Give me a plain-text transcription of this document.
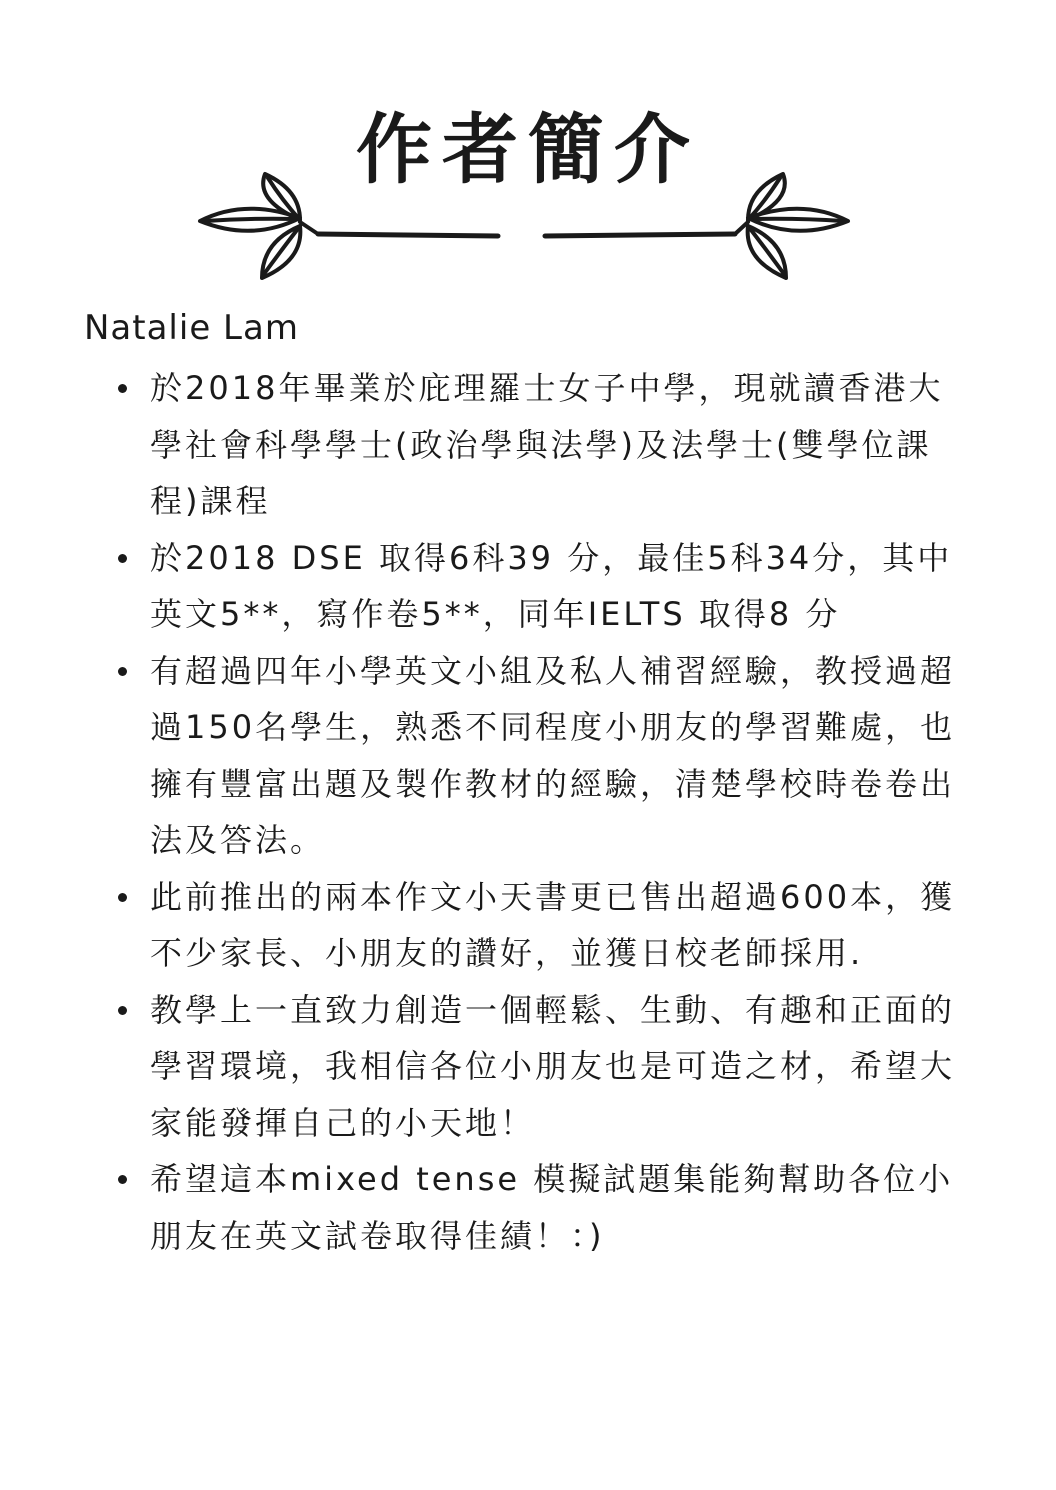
作者簡介
Natalie Lam
於2018年畢業於庇理羅士女子中學，現就讀香港大學社會科學學士(政治學與法學)及法學士(雙學位課程)課程
於2018 DSE 取得6科39 分，最佳5科34分，其中英文5**，寫作卷5**，同年IELTS 取得8 分
有超過四年小學英文小組及私人補習經驗，教授過超過150名學生，熟悉不同程度小朋友的學習難處，也擁有豐富出題及製作教材的經驗，清楚學校時卷卷出法及答法。
此前推出的兩本作文小天書更已售出超過600本，獲不少家長、小朋友的讚好，並獲日校老師採用.
教學上一直致力創造一個輕鬆、生動、有趣和正面的學習環境，我相信各位小朋友也是可造之材，希望大家能發揮自己的小天地！
希望這本mixed tense 模擬試題集能夠幫助各位小朋友在英文試卷取得佳績！：)
